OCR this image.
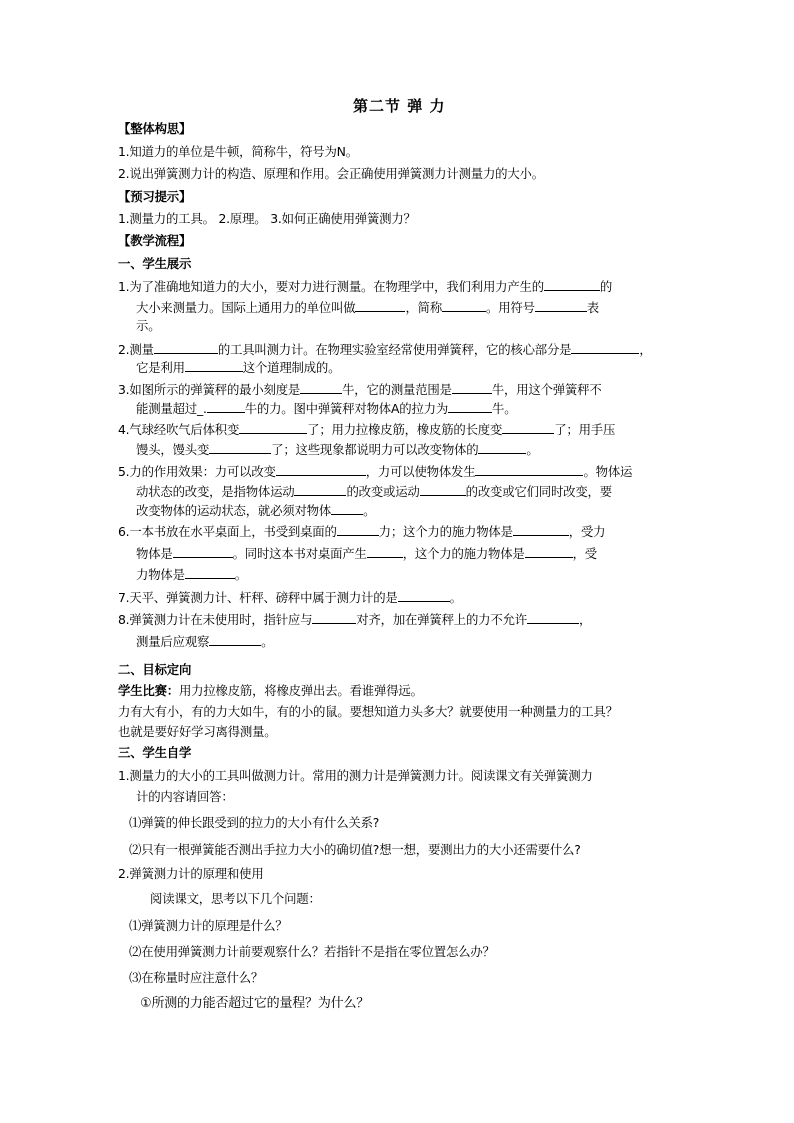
第二节 弹 力
【整体构思】
1.知道力的单位是牛顿，简称牛，符号为N。
2.说出弹簧测力计的构造、原理和作用。会正确使用弹簧测力计测量力的大小。
【预习提示】
1.测量力的工具。 2.原理。 3.如何正确使用弹簧测力？
【教学流程】
一、学生展示
1.为了准确地知道力的大小，要对力进行测量。在物理学中，我们利用力产生的	的
大小来测量力。国际上通用力的单位叫做	，简称	。用符号	表
示。
2.测量	的工具叫测力计。在物理实验室经常使用弹簧秤，它的核心部分是	，
它是利用	这个道理制成的。
3.如图所示的弹簧秤的最小刻度是	牛，它的测量范围是	牛，用这个弹簧秤不
能测量超过_.	牛的力。图中弹簧秤对物体A的拉力为	牛。
4.气球经吹气后体积变	了；用力拉橡皮筋，橡皮筋的长度变	了；用手压
馒头，馒头变	了；这些现象都说明力可以改变物体的	。
5.力的作用效果：力可以改变	，力可以使物体发生	。物体运
动状态的改变，是指物体运动	的改变或运动	的改变或它们同时改变，要
改变物体的运动状态，就必须对物体	。
6.一本书放在水平桌面上，书受到桌面的	力；这个力的施力物体是	，受力
物体是	。同时这本书对桌面产生	，这个力的施力物体是	，受
力物体是	。
7.天平、弹簧测力计、杆秤、磅秤中属于测力计的是	。
8.弹簧测力计在未使用时，指针应与	对齐，加在弹簧秤上的力不允许	，
测量后应观察	。
二、目标定向
学生比赛：用力拉橡皮筋，将橡皮弹出去。看谁弹得远。
力有大有小，有的力大如牛，有的小的鼠。要想知道力头多大？就要使用一种测量力的工具？
也就是要好好学习离得测量。
三、学生自学
1.测量力的大小的工具叫做测力计。常用的测力计是弹簧测力计。阅读课文有关弹簧测力
计的内容请回答：
⑴弹簧的伸长跟受到的拉力的大小有什么关系?
⑵只有一根弹簧能否测出手拉力大小的确切值?想一想，要测出力的大小还需要什么?
2.弹簧测力计的原理和使用
阅读课文，思考以下几个问题：
⑴弹簧测力计的原理是什么？
⑵在使用弹簧测力计前要观察什么？若指针不是指在零位置怎么办？
⑶在称量时应注意什么？
①所测的力能否超过它的量程？为什么？
